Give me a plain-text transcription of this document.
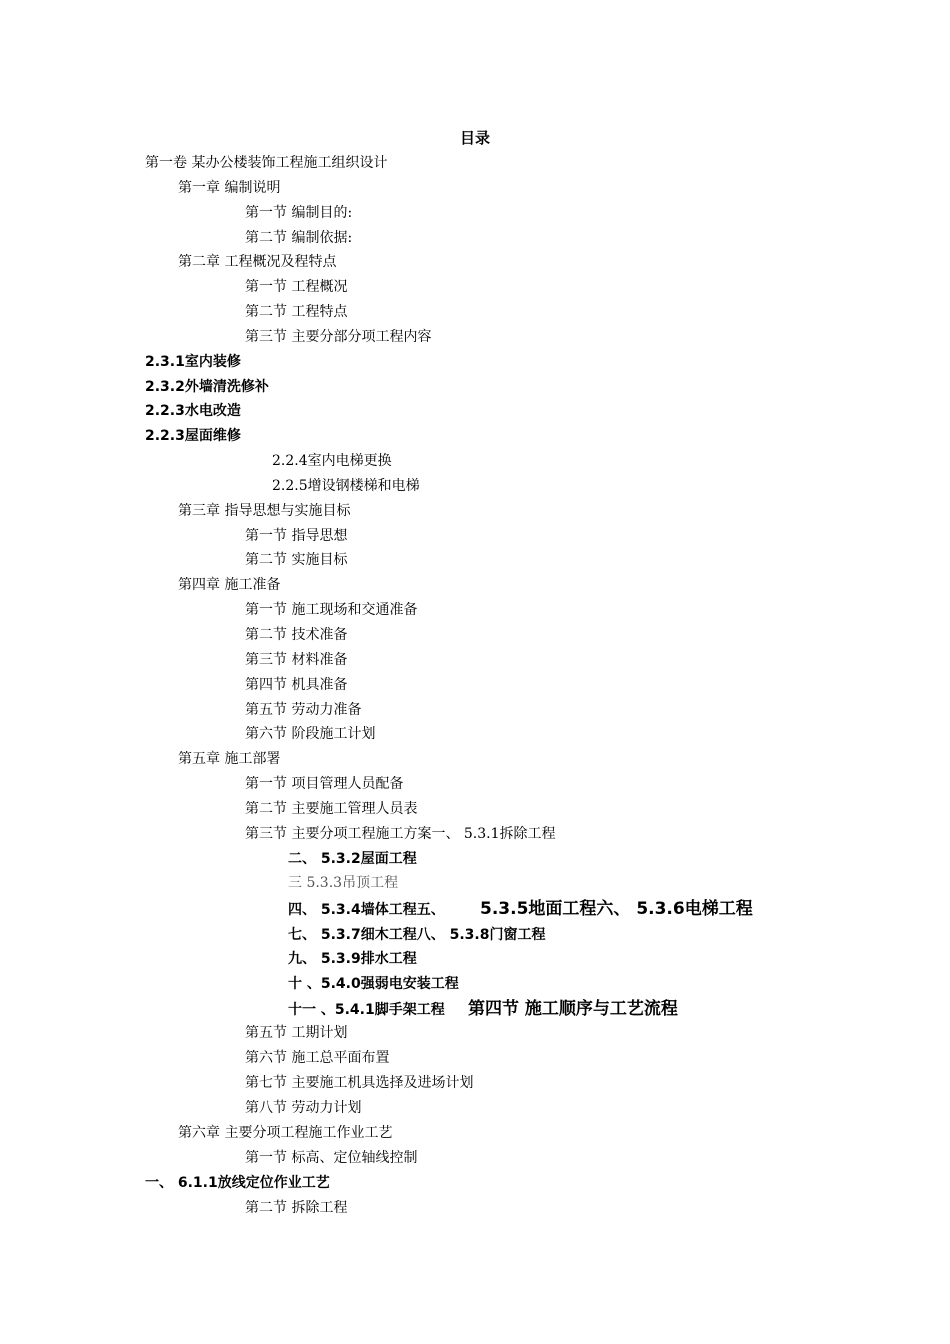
目录
第一卷 某办公楼装饰工程施工组织设计
第一章 编制说明
第一节 编制目的:
第二节 编制依据:
第二章 工程概况及程特点
第一节 工程概况
第二节 工程特点
第三节 主要分部分项工程内容
2.3.1室内装修
2.3.2外墙清洗修补
2.2.3水电改造
2.2.3屋面维修
2.2.4室内电梯更换
2.2.5增设钢楼梯和电梯
第三章 指导思想与实施目标
第一节 指导思想
第二节 实施目标
第四章 施工准备
第一节 施工现场和交通准备
第二节 技术准备
第三节 材料准备
第四节 机具准备
第五节 劳动力准备
第六节 阶段施工计划
第五章 施工部署
第一节 项目管理人员配备
第二节 主要施工管理人员表
第三节 主要分项工程施工方案一、 5.3.1拆除工程
二、 5.3.2屋面工程
三 5.3.3吊顶工程
四、 5.3.4墙体工程五、 5.3.5地面工程六、 5.3.6电梯工程
七、 5.3.7细木工程八、 5.3.8门窗工程
九、 5.3.9排水工程
十 、5.4.0强弱电安装工程
十一 、5.4.1脚手架工程 第四节 施工顺序与工艺流程
第五节 工期计划
第六节 施工总平面布置
第七节 主要施工机具选择及进场计划
第八节 劳动力计划
第六章 主要分项工程施工作业工艺
第一节 标高、定位轴线控制
一、 6.1.1放线定位作业工艺
第二节 拆除工程
